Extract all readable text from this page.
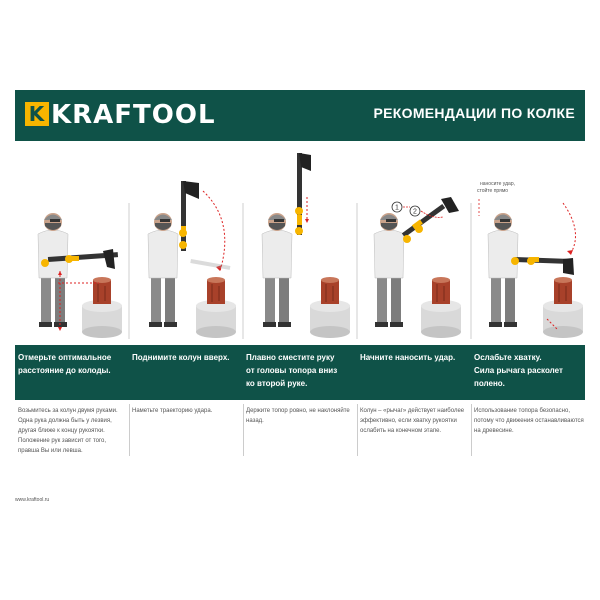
K KRAFTOOL	РЕКОМЕНДАЦИИ ПО КОЛКЕ
1
2
наносите удар,
стойте прямо
Отмерьте оптимальное
расстояние до колоды.
Поднимите колун вверх.	Плавно сместите руку
от головы топора вниз
ко второй руке.
Начните наносить удар.	Ослабьте хватку.
Сила рычага расколет
полено.
Возьмитесь за колун двумя руками.
Одна рука должна быть у лезвия,
другая ближе к концу рукоятки.
Положение рук зависит от того,
правша Вы или левша.
Наметьте траекторию удара.	Держите топор ровно, не наклоняйте
назад.
Колун – «рычаг» действует наиболее
эффективно, если хватку рукоятки
ослабить на конечном этапе.
Использование топора безопасно,
потому что движения останавливаются
на древесине.
www.kraftool.ru
